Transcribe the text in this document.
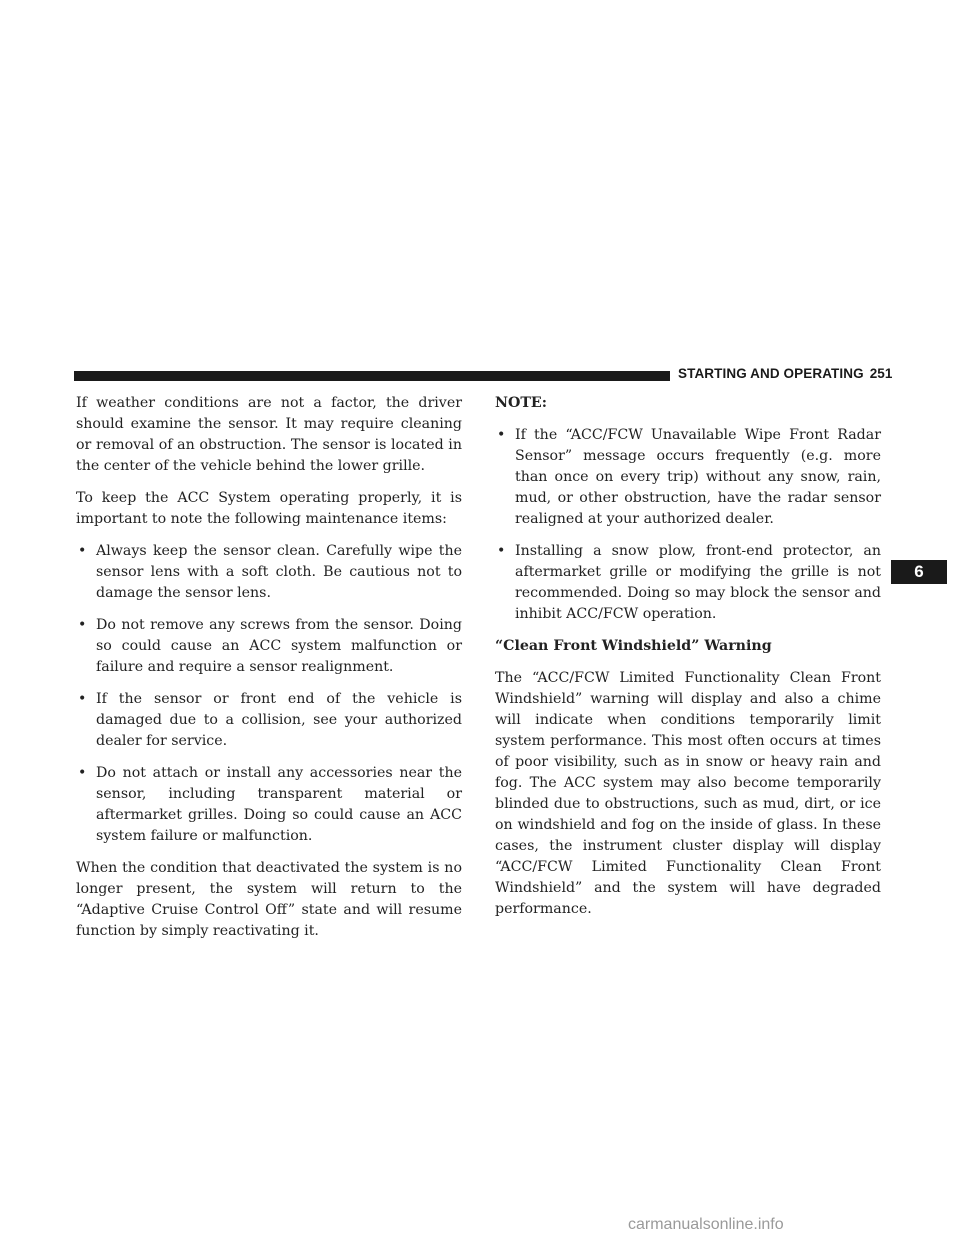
STARTING AND OPERATING 251

If weather conditions are not a factor, the driver should examine the sensor. It may require cleaning or removal of an obstruction. The sensor is located in the center of the vehicle behind the lower grille.

To keep the ACC System operating properly, it is important to note the following maintenance items:

• Always keep the sensor clean. Carefully wipe the sensor lens with a soft cloth. Be cautious not to damage the sensor lens.
• Do not remove any screws from the sensor. Doing so could cause an ACC system malfunction or failure and require a sensor realignment.
• If the sensor or front end of the vehicle is damaged due to a collision, see your authorized dealer for service.
• Do not attach or install any accessories near the sensor, including transparent material or aftermarket grilles. Doing so could cause an ACC system failure or malfunction.

When the condition that deactivated the system is no longer present, the system will return to the “Adaptive Cruise Control Off” state and will resume function by simply reactivating it.

NOTE:

• If the “ACC/FCW Unavailable Wipe Front Radar Sensor” message occurs frequently (e.g. more than once on every trip) without any snow, rain, mud, or other obstruction, have the radar sensor realigned at your authorized dealer.
• Installing a snow plow, front-end protector, an aftermarket grille or modifying the grille is not recommended. Doing so may block the sensor and inhibit ACC/FCW operation.

“Clean Front Windshield” Warning

The “ACC/FCW Limited Functionality Clean Front Windshield” warning will display and also a chime will indicate when conditions temporarily limit system performance. This most often occurs at times of poor visibility, such as in snow or heavy rain and fog. The ACC system may also become temporarily blinded due to obstructions, such as mud, dirt, or ice on windshield and fog on the inside of glass. In these cases, the instrument cluster display will display “ACC/FCW Limited Functionality Clean Front Windshield” and the system will have degraded performance.

6
carmanualsonline.info
